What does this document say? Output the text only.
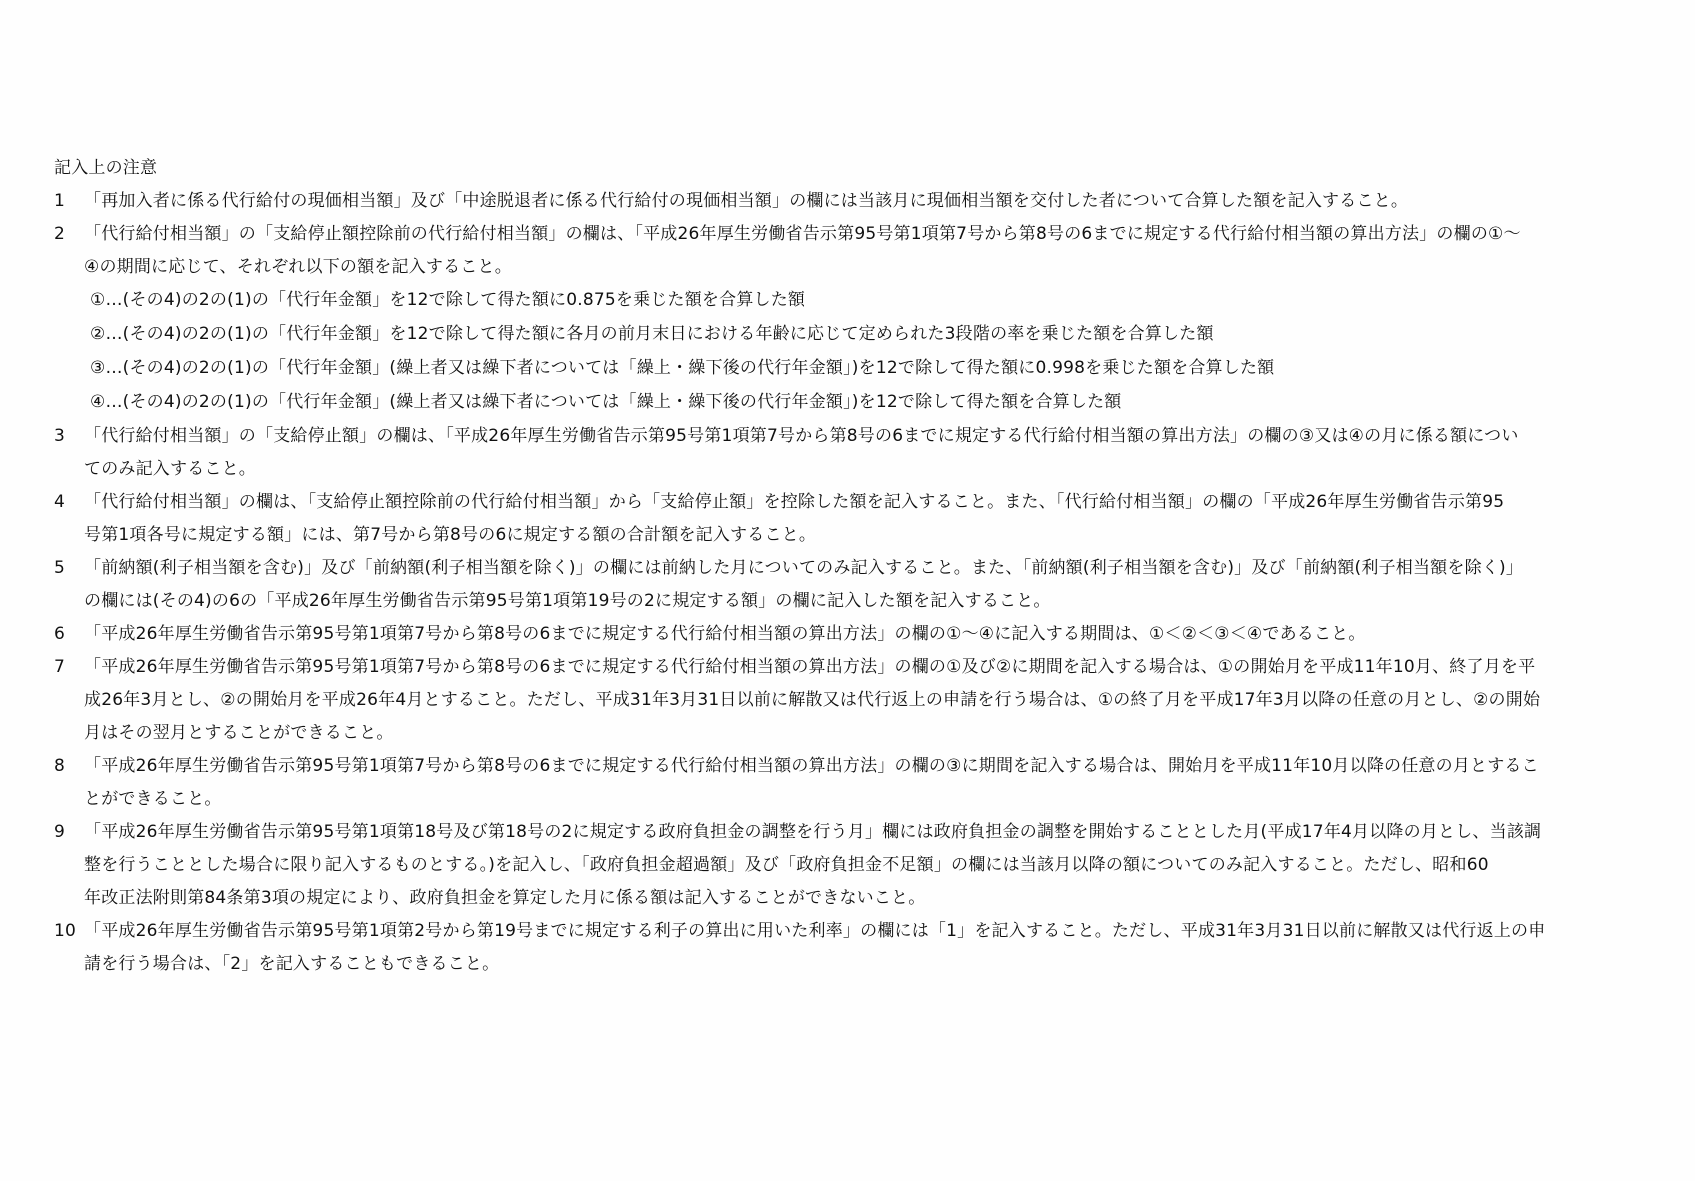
記入上の注意
1	「再加入者に係る代行給付の現価相当額」及び「中途脱退者に係る代行給付の現価相当額」の欄には当該月に現価相当額を交付した者について合算した額を記入すること。
2	「代行給付相当額」の「支給停止額控除前の代行給付相当額」の欄は、「平成26年厚生労働省告示第95号第1項第7号から第8号の6までに規定する代行給付相当額の算出方法」の欄の①～
④の期間に応じて、それぞれ以下の額を記入すること。
①…(その4)の2の(1)の「代行年金額」を12で除して得た額に0.875を乗じた額を合算した額
②…(その4)の2の(1)の「代行年金額」を12で除して得た額に各月の前月末日における年齢に応じて定められた3段階の率を乗じた額を合算した額
③…(その4)の2の(1)の「代行年金額」(繰上者又は繰下者については「繰上・繰下後の代行年金額」)を12で除して得た額に0.998を乗じた額を合算した額
④…(その4)の2の(1)の「代行年金額」(繰上者又は繰下者については「繰上・繰下後の代行年金額」)を12で除して得た額を合算した額
3	「代行給付相当額」の「支給停止額」の欄は、「平成26年厚生労働省告示第95号第1項第7号から第8号の6までに規定する代行給付相当額の算出方法」の欄の③又は④の月に係る額につい
てのみ記入すること。
4	「代行給付相当額」の欄は、「支給停止額控除前の代行給付相当額」から「支給停止額」を控除した額を記入すること。また、「代行給付相当額」の欄の「平成26年厚生労働省告示第95
号第1項各号に規定する額」には、第7号から第8号の6に規定する額の合計額を記入すること。
5	「前納額(利子相当額を含む)」及び「前納額(利子相当額を除く)」の欄には前納した月についてのみ記入すること。また、「前納額(利子相当額を含む)」及び「前納額(利子相当額を除く)」
の欄には(その4)の6の「平成26年厚生労働省告示第95号第1項第19号の2に規定する額」の欄に記入した額を記入すること。
6	「平成26年厚生労働省告示第95号第1項第7号から第8号の6までに規定する代行給付相当額の算出方法」の欄の①～④に記入する期間は、①＜②＜③＜④であること。
7	「平成26年厚生労働省告示第95号第1項第7号から第8号の6までに規定する代行給付相当額の算出方法」の欄の①及び②に期間を記入する場合は、①の開始月を平成11年10月、終了月を平
成26年3月とし、②の開始月を平成26年4月とすること。ただし、平成31年3月31日以前に解散又は代行返上の申請を行う場合は、①の終了月を平成17年3月以降の任意の月とし、②の開始
月はその翌月とすることができること。
8	「平成26年厚生労働省告示第95号第1項第7号から第8号の6までに規定する代行給付相当額の算出方法」の欄の③に期間を記入する場合は、開始月を平成11年10月以降の任意の月とするこ
とができること。
9	「平成26年厚生労働省告示第95号第1項第18号及び第18号の2に規定する政府負担金の調整を行う月」欄には政府負担金の調整を開始することとした月(平成17年4月以降の月とし、当該調
整を行うこととした場合に限り記入するものとする。)を記入し、「政府負担金超過額」及び「政府負担金不足額」の欄には当該月以降の額についてのみ記入すること。ただし、昭和60
年改正法附則第84条第3項の規定により、政府負担金を算定した月に係る額は記入することができないこと。
10 「平成26年厚生労働省告示第95号第1項第2号から第19号までに規定する利子の算出に用いた利率」の欄には「1」を記入すること。ただし、平成31年3月31日以前に解散又は代行返上の申
請を行う場合は、「2」を記入することもできること。
